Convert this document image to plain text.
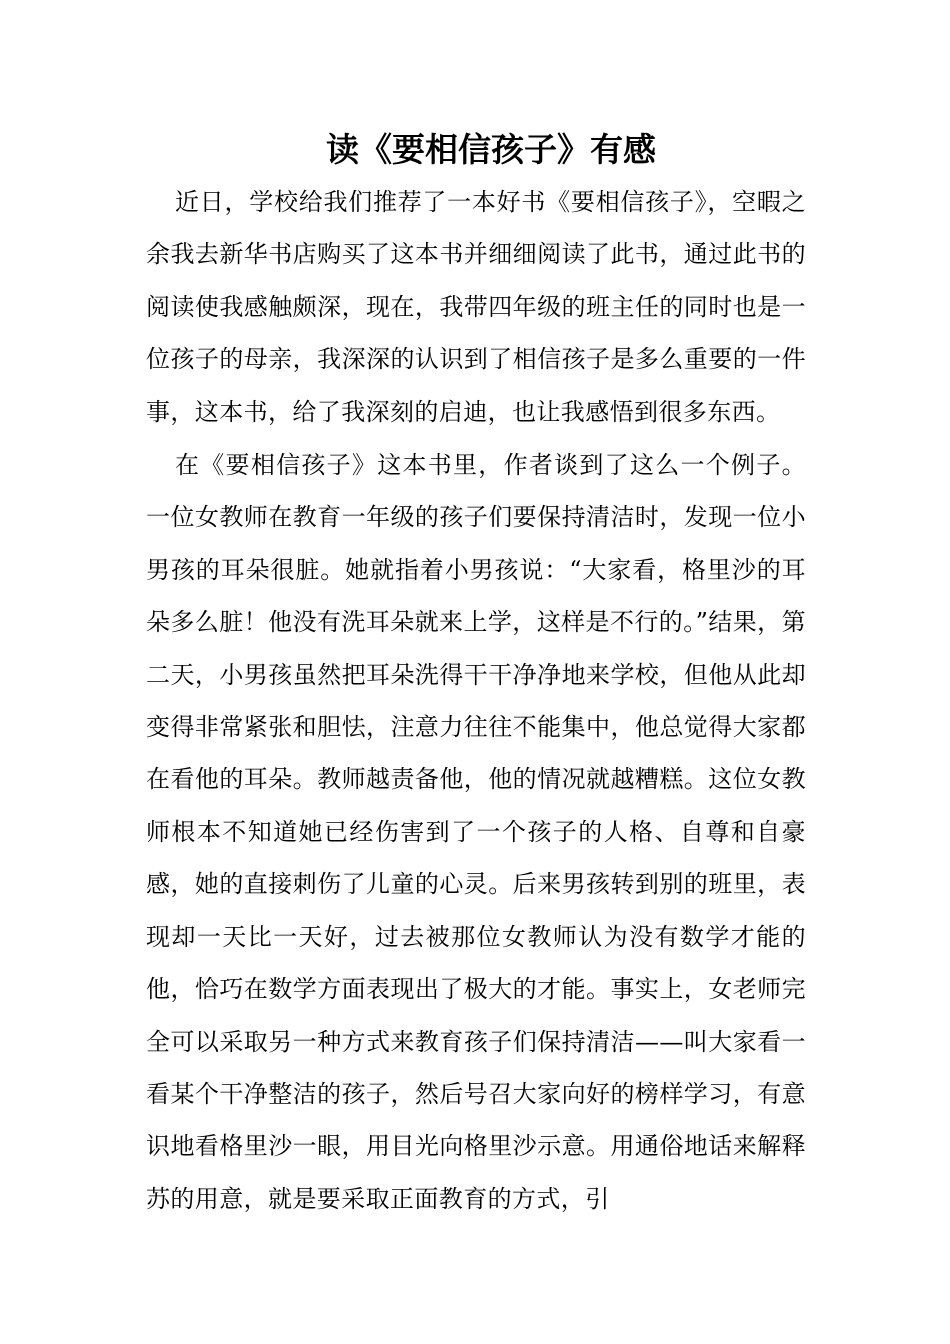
读《要相信孩子》有感

近日，学校给我们推荐了一本好书《要相信孩子》，空暇之余我去新华书店购买了这本书并细细阅读了此书，通过此书的阅读使我感触颇深，现在，我带四年级的班主任的同时也是一位孩子的母亲，我深深的认识到了相信孩子是多么重要的一件事，这本书，给了我深刻的启迪，也让我感悟到很多东西。

在《要相信孩子》这本书里，作者谈到了这么一个例子。一位女教师在教育一年级的孩子们要保持清洁时，发现一位小男孩的耳朵很脏。她就指着小男孩说：“大家看，格里沙的耳朵多么脏！他没有洗耳朵就来上学，这样是不行的。”结果，第二天，小男孩虽然把耳朵洗得干干净净地来学校，但他从此却变得非常紧张和胆怯，注意力往往不能集中，他总觉得大家都在看他的耳朵。教师越责备他，他的情况就越糟糕。这位女教师根本不知道她已经伤害到了一个孩子的人格、自尊和自豪感，她的直接刺伤了儿童的心灵。后来男孩转到别的班里，表现却一天比一天好，过去被那位女教师认为没有数学才能的他，恰巧在数学方面表现出了极大的才能。事实上，女老师完全可以采取另一种方式来教育孩子们保持清洁——叫大家看一看某个干净整洁的孩子，然后号召大家向好的榜样学习，有意识地看格里沙一眼，用目光向格里沙示意。用通俗地话来解释苏的用意，就是要采取正面教育的方式，引
